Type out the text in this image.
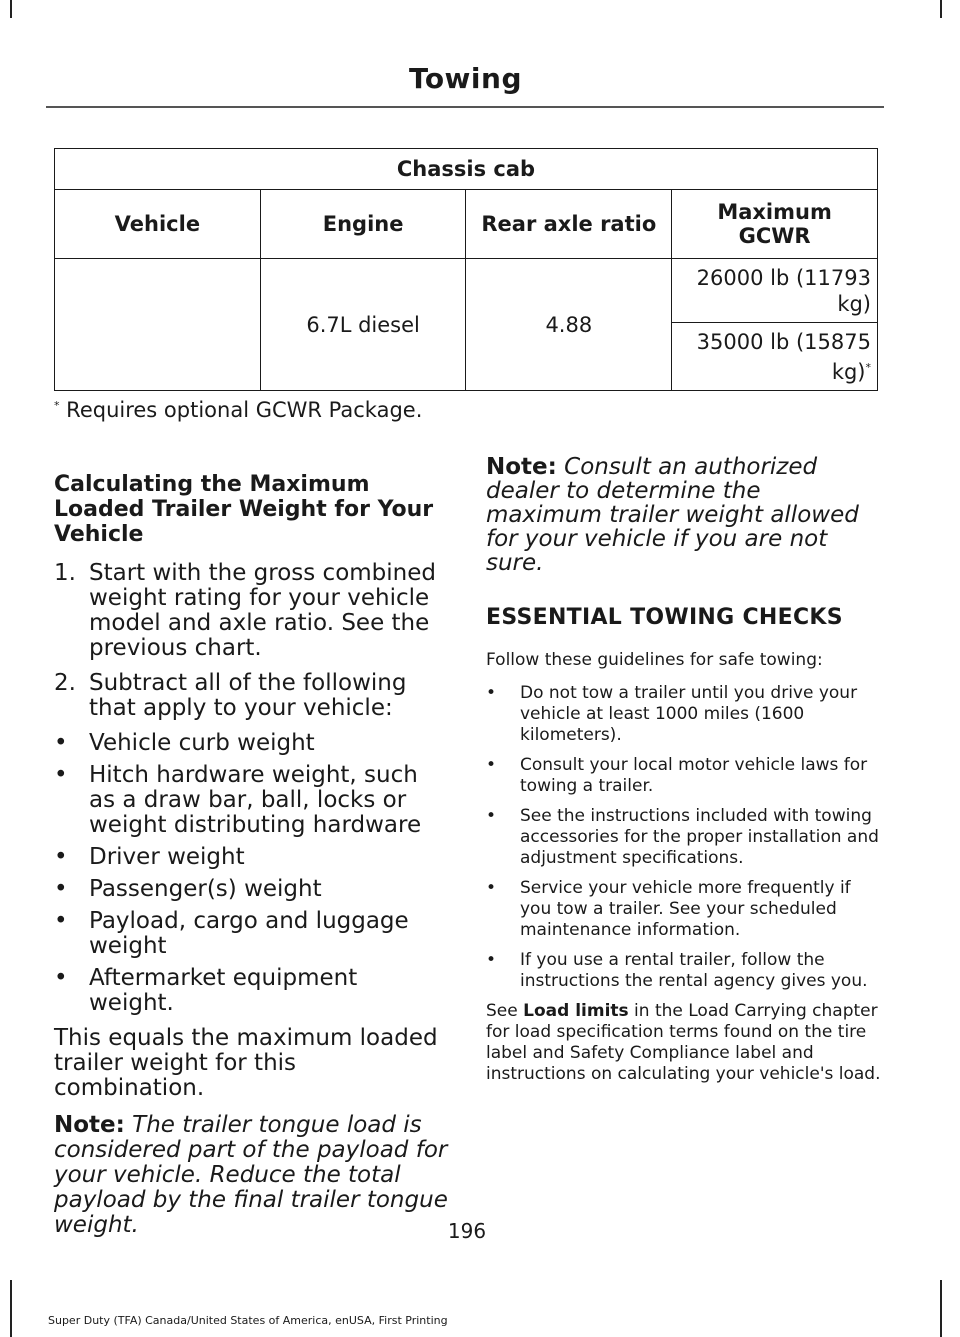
Towing
Chassis cab			
Vehicle	Engine	Rear axle ratio	Maximum GCWR
	6.7L diesel	4.88	26000 lb (11793 kg)
			35000 lb (15875 kg)*
* Requires optional GCWR Package.
Calculating the Maximum Loaded Trailer Weight for Your Vehicle
1. Start with the gross combined weight rating for your vehicle model and axle ratio. See the previous chart.
2. Subtract all of the following that apply to your vehicle:
• Vehicle curb weight
• Hitch hardware weight, such as a draw bar, ball, locks or weight distributing hardware
• Driver weight
• Passenger(s) weight
• Payload, cargo and luggage weight
• Aftermarket equipment weight.

This equals the maximum loaded trailer weight for this combination.

Note: The trailer tongue load is considered part of the payload for your vehicle. Reduce the total payload by the final trailer tongue weight.

Note: Consult an authorized dealer to determine the maximum trailer weight allowed for your vehicle if you are not sure.

ESSENTIAL TOWING CHECKS

Follow these guidelines for safe towing:

•	Do not tow a trailer until you drive your vehicle at least 1000 miles (1600 kilometers).
•	Consult your local motor vehicle laws for towing a trailer.
•	See the instructions included with towing accessories for the proper installation and adjustment specifications.
•	Service your vehicle more frequently if you tow a trailer. See your scheduled maintenance information.
•	If you use a rental trailer, follow the instructions the rental agency gives you.

See Load limits in the Load Carrying chapter for load specification terms found on the tire label and Safety Compliance label and instructions on calculating your vehicle's load.

196
Super Duty (TFA) Canada/United States of America, enUSA, First Printing
